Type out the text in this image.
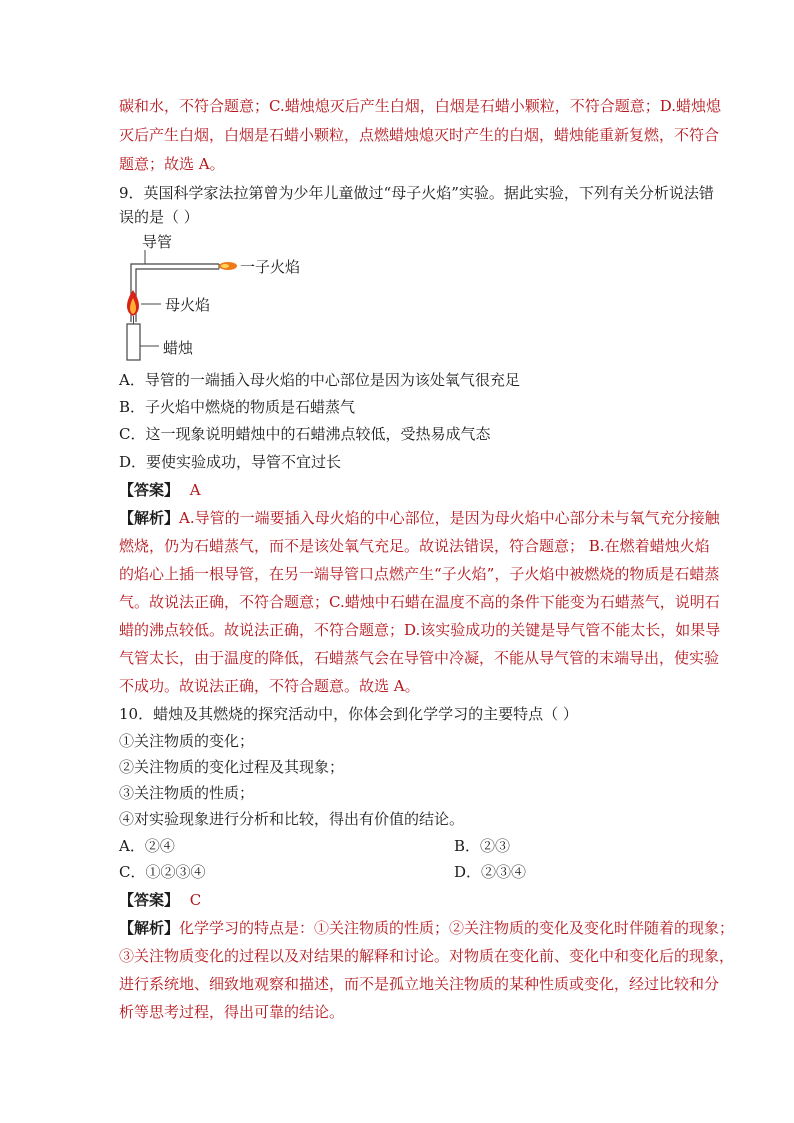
碳和水，不符合题意；C.蜡烛熄灭后产生白烟，白烟是石蜡小颗粒，不符合题意；D.蜡烛熄
灭后产生白烟，白烟是石蜡小颗粒，点燃蜡烛熄灭时产生的白烟，蜡烛能重新复燃，不符合
题意；故选 A。
9．英国科学家法拉第曾为少年儿童做过“母子火焰”实验。据此实验，下列有关分析说法错
误的是（ ）
导管
一子火焰
母火焰
蜡烛
A．导管的一端插入母火焰的中心部位是因为该处氧气很充足
B．子火焰中燃烧的物质是石蜡蒸气
C．这一现象说明蜡烛中的石蜡沸点较低，受热易成气态
D．要使实验成功，导管不宜过长
【答案】 A
【解析】A.导管的一端要插入母火焰的中心部位，是因为母火焰中心部分未与氧气充分接触
燃烧，仍为石蜡蒸气，而不是该处氧气充足。故说法错误，符合题意； B.在燃着蜡烛火焰
的焰心上插一根导管，在另一端导管口点燃产生“子火焰”，子火焰中被燃烧的物质是石蜡蒸
气。故说法正确，不符合题意；C.蜡烛中石蜡在温度不高的条件下能变为石蜡蒸气，说明石
蜡的沸点较低。故说法正确，不符合题意；D.该实验成功的关键是导气管不能太长，如果导
气管太长，由于温度的降低，石蜡蒸气会在导管中冷凝，不能从导气管的末端导出，使实验
不成功。故说法正确，不符合题意。故选 A。
10．蜡烛及其燃烧的探究活动中，你体会到化学学习的主要特点（ ）
①关注物质的变化；
②关注物质的变化过程及其现象；
③关注物质的性质；
④对实验现象进行分析和比较，得出有价值的结论。
A．②④	B．②③
C．①②③④	D．②③④
【答案】 C
【解析】化学学习的特点是：①关注物质的性质；②关注物质的变化及变化时伴随着的现象；
③关注物质变化的过程以及对结果的解释和讨论。对物质在变化前、变化中和变化后的现象，
进行系统地、细致地观察和描述，而不是孤立地关注物质的某种性质或变化，经过比较和分
析等思考过程，得出可靠的结论。
